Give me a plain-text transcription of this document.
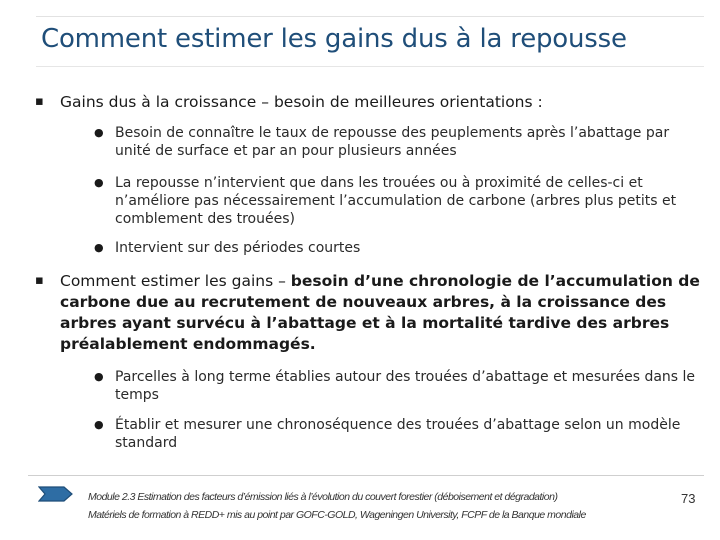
Comment estimer les gains dus à la repousse
▪ Gains dus à la croissance – besoin de meilleures orientations :
● Besoin de connaître le taux de repousse des peuplements après l’abattage par unité de surface et par an pour plusieurs années
● La repousse n’intervient que dans les trouées ou à proximité de celles-ci et n’améliore pas nécessairement l’accumulation de carbone (arbres plus petits et comblement des trouées)
● Intervient sur des périodes courtes
▪ Comment estimer les gains – besoin d’une chronologie de l’accumulation de carbone due au recrutement de nouveaux arbres, à la croissance des arbres ayant survécu à l’abattage et à la mortalité tardive des arbres préalablement endommagés.
● Parcelles à long terme établies autour des trouées d’abattage et mesurées dans le temps
● Établir et mesurer une chronoséquence des trouées d’abattage selon un modèle standard
Module 2.3 Estimation des facteurs d’émission liés à l’évolution du couvert forestier (déboisement et dégradation)
Matériels de formation à REDD+ mis au point par GOFC-GOLD, Wageningen University, FCPF de la Banque mondiale
73
